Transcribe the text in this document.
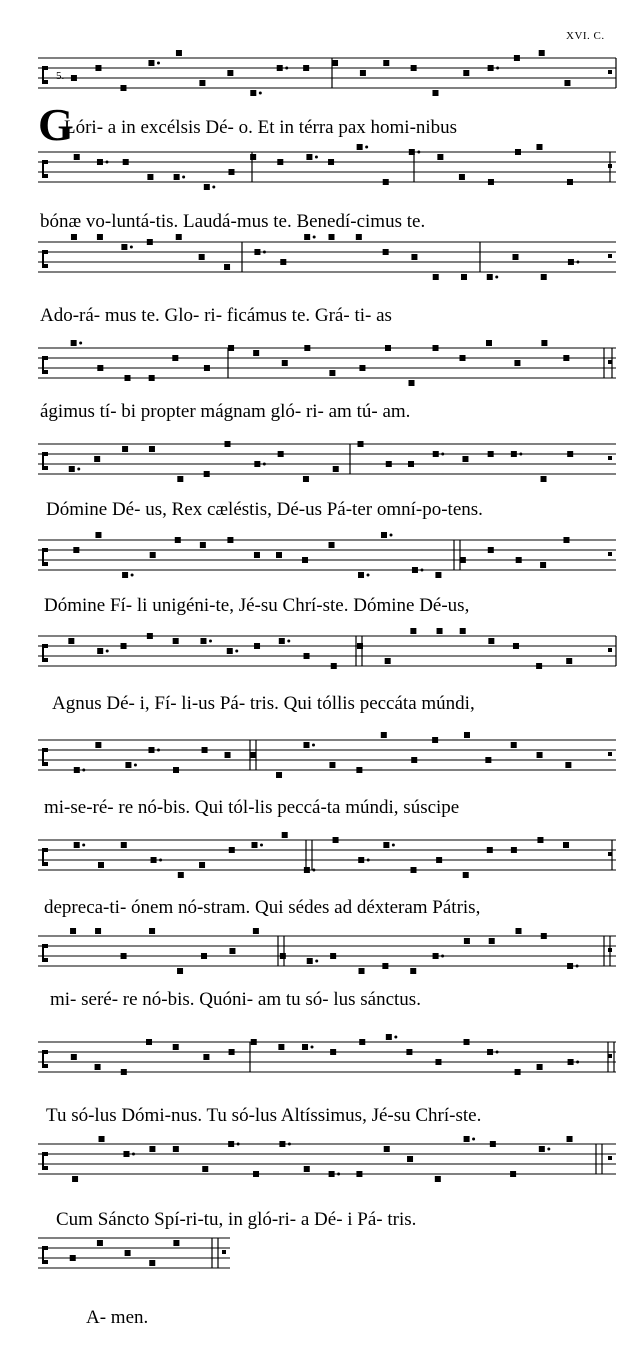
XVI. C.
5.
G
Lóri- a in excélsis Dé- o. Et in térra pax homi-nibus
bónæ vo-luntá-tis. Laudá-mus te. Benedí-cimus te.
Ado-rá- mus te. Glo- ri- ficámus te. Grá- ti- as
ágimus tí- bi propter mágnam gló- ri- am tú- am.
Dómine Dé- us, Rex cæléstis, Dé-us Pá-ter omní-po-tens.
Dómine Fí- li unigéni-te, Jé-su Chrí-ste. Dómine Dé-us,
Agnus Dé- i, Fí- li-us Pá- tris. Qui tóllis peccáta múndi,
mi-se-ré- re nó-bis. Qui tól-lis peccá-ta múndi, súscipe
depreca-ti- ónem nó-stram. Qui sédes ad déxteram Pátris,
mi- seré- re nó-bis. Quóni- am tu só- lus sánctus.
Tu só-lus Dómi-nus. Tu só-lus Altíssimus, Jé-su Chrí-ste.
Cum Sáncto Spí-ri-tu, in gló-ri- a Dé- i Pá- tris.
A- men.
